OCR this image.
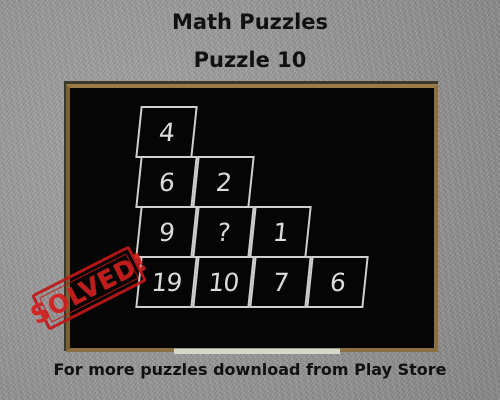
Math Puzzles
Puzzle 10
4
6 2
9 ? 1
19 10 7 6
SOLVED!
For more puzzles download from Play Store
